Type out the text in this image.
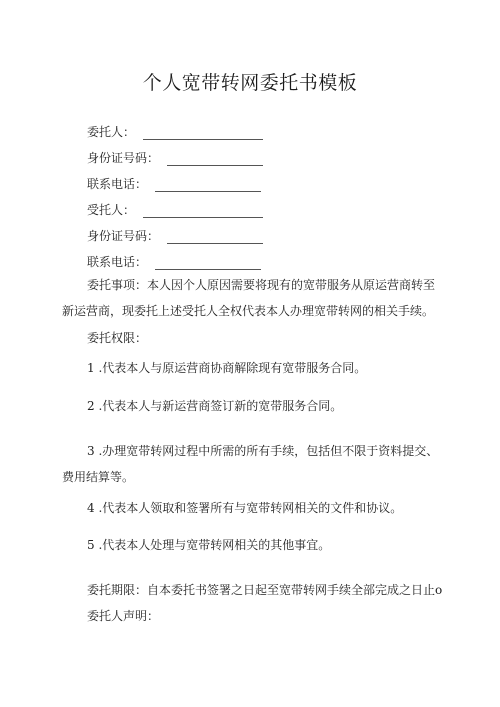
个人宽带转网委托书模板
委托人：
身份证号码：
联系电话：
受托人：
身份证号码：
联系电话：
委托事项：本人因个人原因需要将现有的宽带服务从原运营商转至新运营商，现委托上述受托人全权代表本人办理宽带转网的相关手续。
委托权限：
1 .代表本人与原运营商协商解除现有宽带服务合同。
2 .代表本人与新运营商签订新的宽带服务合同。
3 .办理宽带转网过程中所需的所有手续，包括但不限于资料提交、费用结算等。
4 .代表本人领取和签署所有与宽带转网相关的文件和协议。
5 .代表本人处理与宽带转网相关的其他事宜。
委托期限：自本委托书签署之日起至宽带转网手续全部完成之日止o
委托人声明：
